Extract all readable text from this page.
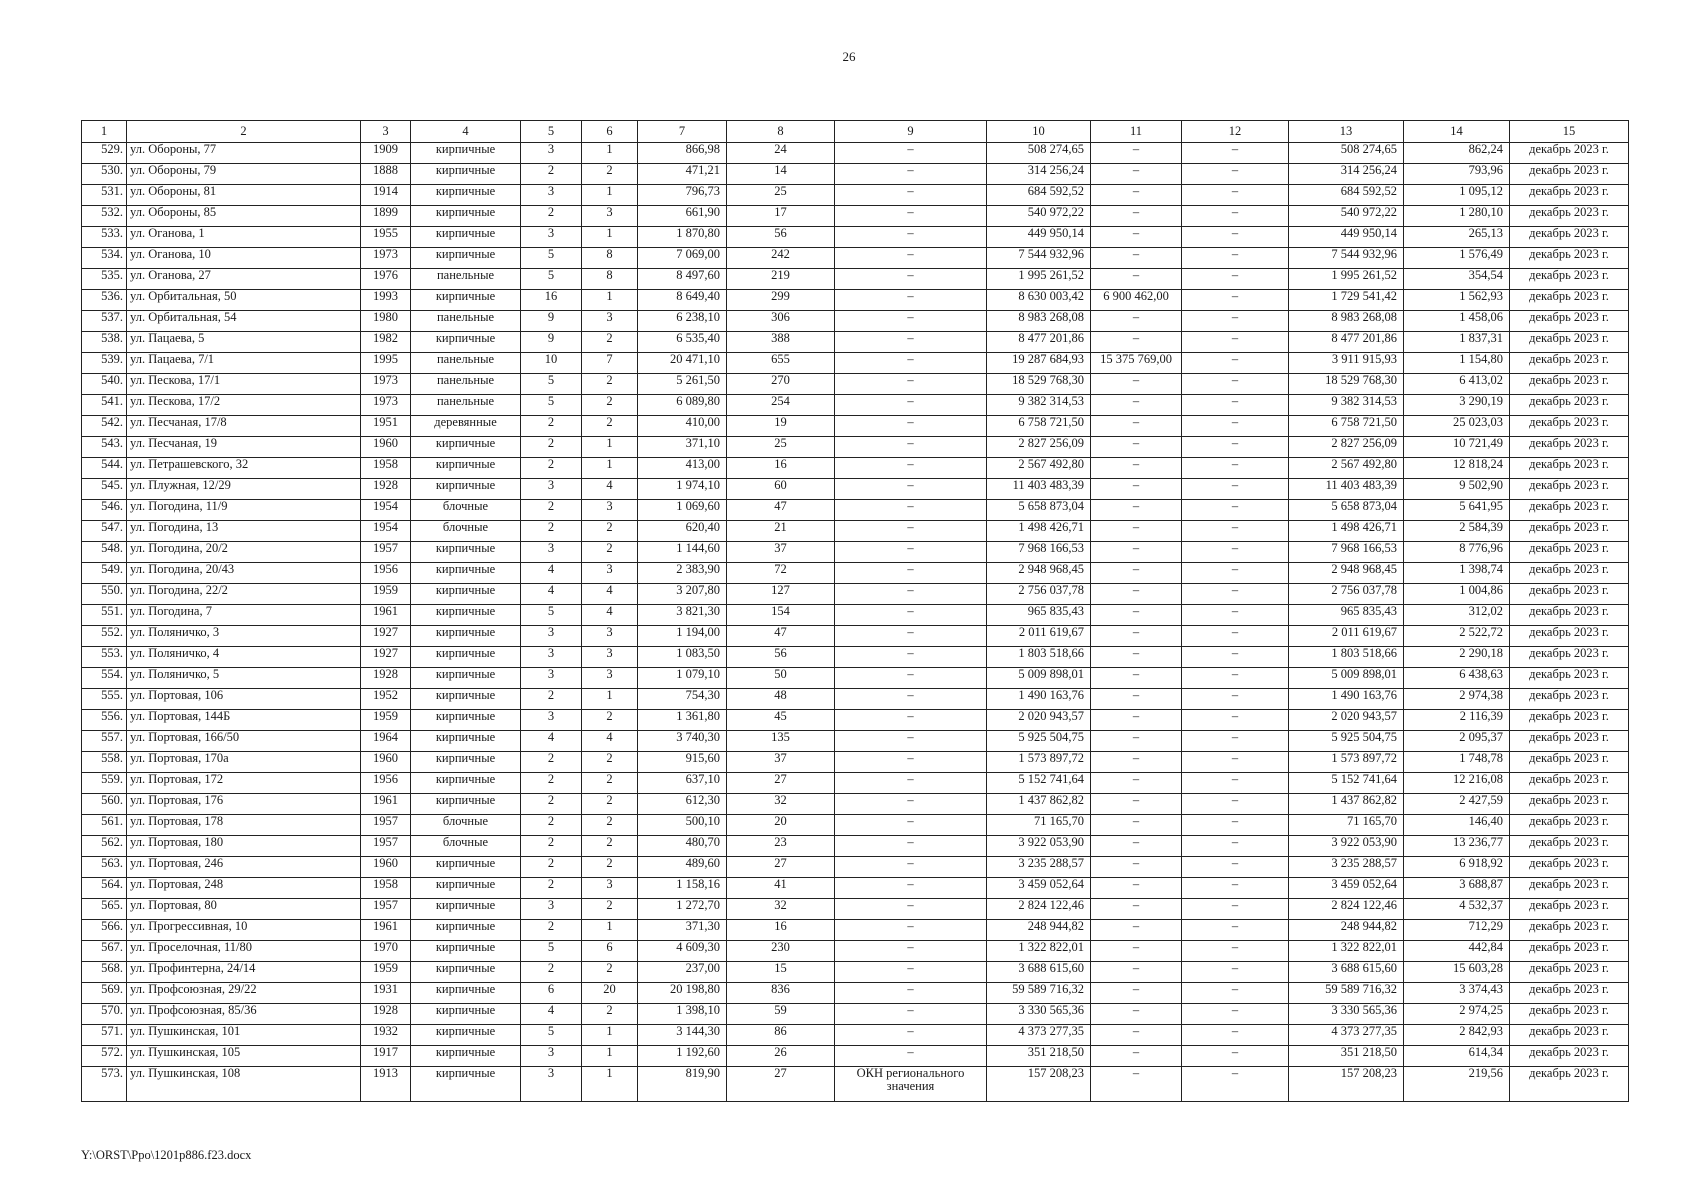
26
1	2	3	4	5	6	7	8	9	10	11	12	13	14	15
529.	ул. Обороны, 77	1909	кирпичные	3	1	866,98	24	–	508 274,65	–	–	508 274,65	862,24	декабрь 2023 г.
530.	ул. Обороны, 79	1888	кирпичные	2	2	471,21	14	–	314 256,24	–	–	314 256,24	793,96	декабрь 2023 г.
531.	ул. Обороны, 81	1914	кирпичные	3	1	796,73	25	–	684 592,52	–	–	684 592,52	1 095,12	декабрь 2023 г.
532.	ул. Обороны, 85	1899	кирпичные	2	3	661,90	17	–	540 972,22	–	–	540 972,22	1 280,10	декабрь 2023 г.
533.	ул. Оганова, 1	1955	кирпичные	3	1	1 870,80	56	–	449 950,14	–	–	449 950,14	265,13	декабрь 2023 г.
534.	ул. Оганова, 10	1973	кирпичные	5	8	7 069,00	242	–	7 544 932,96	–	–	7 544 932,96	1 576,49	декабрь 2023 г.
535.	ул. Оганова, 27	1976	панельные	5	8	8 497,60	219	–	1 995 261,52	–	–	1 995 261,52	354,54	декабрь 2023 г.
536.	ул. Орбитальная, 50	1993	кирпичные	16	1	8 649,40	299	–	8 630 003,42	6 900 462,00	–	1 729 541,42	1 562,93	декабрь 2023 г.
537.	ул. Орбитальная, 54	1980	панельные	9	3	6 238,10	306	–	8 983 268,08	–	–	8 983 268,08	1 458,06	декабрь 2023 г.
538.	ул. Пацаева, 5	1982	кирпичные	9	2	6 535,40	388	–	8 477 201,86	–	–	8 477 201,86	1 837,31	декабрь 2023 г.
539.	ул. Пацаева, 7/1	1995	панельные	10	7	20 471,10	655	–	19 287 684,93	15 375 769,00	–	3 911 915,93	1 154,80	декабрь 2023 г.
540.	ул. Пескова, 17/1	1973	панельные	5	2	5 261,50	270	–	18 529 768,30	–	–	18 529 768,30	6 413,02	декабрь 2023 г.
541.	ул. Пескова, 17/2	1973	панельные	5	2	6 089,80	254	–	9 382 314,53	–	–	9 382 314,53	3 290,19	декабрь 2023 г.
542.	ул. Песчаная, 17/8	1951	деревянные	2	2	410,00	19	–	6 758 721,50	–	–	6 758 721,50	25 023,03	декабрь 2023 г.
543.	ул. Песчаная, 19	1960	кирпичные	2	1	371,10	25	–	2 827 256,09	–	–	2 827 256,09	10 721,49	декабрь 2023 г.
544.	ул. Петрашевского, 32	1958	кирпичные	2	1	413,00	16	–	2 567 492,80	–	–	2 567 492,80	12 818,24	декабрь 2023 г.
545.	ул. Плужная, 12/29	1928	кирпичные	3	4	1 974,10	60	–	11 403 483,39	–	–	11 403 483,39	9 502,90	декабрь 2023 г.
546.	ул. Погодина, 11/9	1954	блочные	2	3	1 069,60	47	–	5 658 873,04	–	–	5 658 873,04	5 641,95	декабрь 2023 г.
547.	ул. Погодина, 13	1954	блочные	2	2	620,40	21	–	1 498 426,71	–	–	1 498 426,71	2 584,39	декабрь 2023 г.
548.	ул. Погодина, 20/2	1957	кирпичные	3	2	1 144,60	37	–	7 968 166,53	–	–	7 968 166,53	8 776,96	декабрь 2023 г.
549.	ул. Погодина, 20/43	1956	кирпичные	4	3	2 383,90	72	–	2 948 968,45	–	–	2 948 968,45	1 398,74	декабрь 2023 г.
550.	ул. Погодина, 22/2	1959	кирпичные	4	4	3 207,80	127	–	2 756 037,78	–	–	2 756 037,78	1 004,86	декабрь 2023 г.
551.	ул. Погодина, 7	1961	кирпичные	5	4	3 821,30	154	–	965 835,43	–	–	965 835,43	312,02	декабрь 2023 г.
552.	ул. Поляничко, 3	1927	кирпичные	3	3	1 194,00	47	–	2 011 619,67	–	–	2 011 619,67	2 522,72	декабрь 2023 г.
553.	ул. Поляничко, 4	1927	кирпичные	3	3	1 083,50	56	–	1 803 518,66	–	–	1 803 518,66	2 290,18	декабрь 2023 г.
554.	ул. Поляничко, 5	1928	кирпичные	3	3	1 079,10	50	–	5 009 898,01	–	–	5 009 898,01	6 438,63	декабрь 2023 г.
555.	ул. Портовая, 106	1952	кирпичные	2	1	754,30	48	–	1 490 163,76	–	–	1 490 163,76	2 974,38	декабрь 2023 г.
556.	ул. Портовая, 144Б	1959	кирпичные	3	2	1 361,80	45	–	2 020 943,57	–	–	2 020 943,57	2 116,39	декабрь 2023 г.
557.	ул. Портовая, 166/50	1964	кирпичные	4	4	3 740,30	135	–	5 925 504,75	–	–	5 925 504,75	2 095,37	декабрь 2023 г.
558.	ул. Портовая, 170а	1960	кирпичные	2	2	915,60	37	–	1 573 897,72	–	–	1 573 897,72	1 748,78	декабрь 2023 г.
559.	ул. Портовая, 172	1956	кирпичные	2	2	637,10	27	–	5 152 741,64	–	–	5 152 741,64	12 216,08	декабрь 2023 г.
560.	ул. Портовая, 176	1961	кирпичные	2	2	612,30	32	–	1 437 862,82	–	–	1 437 862,82	2 427,59	декабрь 2023 г.
561.	ул. Портовая, 178	1957	блочные	2	2	500,10	20	–	71 165,70	–	–	71 165,70	146,40	декабрь 2023 г.
562.	ул. Портовая, 180	1957	блочные	2	2	480,70	23	–	3 922 053,90	–	–	3 922 053,90	13 236,77	декабрь 2023 г.
563.	ул. Портовая, 246	1960	кирпичные	2	2	489,60	27	–	3 235 288,57	–	–	3 235 288,57	6 918,92	декабрь 2023 г.
564.	ул. Портовая, 248	1958	кирпичные	2	3	1 158,16	41	–	3 459 052,64	–	–	3 459 052,64	3 688,87	декабрь 2023 г.
565.	ул. Портовая, 80	1957	кирпичные	3	2	1 272,70	32	–	2 824 122,46	–	–	2 824 122,46	4 532,37	декабрь 2023 г.
566.	ул. Прогрессивная, 10	1961	кирпичные	2	1	371,30	16	–	248 944,82	–	–	248 944,82	712,29	декабрь 2023 г.
567.	ул. Проселочная, 11/80	1970	кирпичные	5	6	4 609,30	230	–	1 322 822,01	–	–	1 322 822,01	442,84	декабрь 2023 г.
568.	ул. Профинтерна, 24/14	1959	кирпичные	2	2	237,00	15	–	3 688 615,60	–	–	3 688 615,60	15 603,28	декабрь 2023 г.
569.	ул. Профсоюзная, 29/22	1931	кирпичные	6	20	20 198,80	836	–	59 589 716,32	–	–	59 589 716,32	3 374,43	декабрь 2023 г.
570.	ул. Профсоюзная, 85/36	1928	кирпичные	4	2	1 398,10	59	–	3 330 565,36	–	–	3 330 565,36	2 974,25	декабрь 2023 г.
571.	ул. Пушкинская, 101	1932	кирпичные	5	1	3 144,30	86	–	4 373 277,35	–	–	4 373 277,35	2 842,93	декабрь 2023 г.
572.	ул. Пушкинская, 105	1917	кирпичные	3	1	1 192,60	26	–	351 218,50	–	–	351 218,50	614,34	декабрь 2023 г.
573.	ул. Пушкинская, 108	1913	кирпичные	3	1	819,90	27	ОКН регионального значения	157 208,23	–	–	157 208,23	219,56	декабрь 2023 г.
Y:\ORST\Ppo\1201p886.f23.docx
